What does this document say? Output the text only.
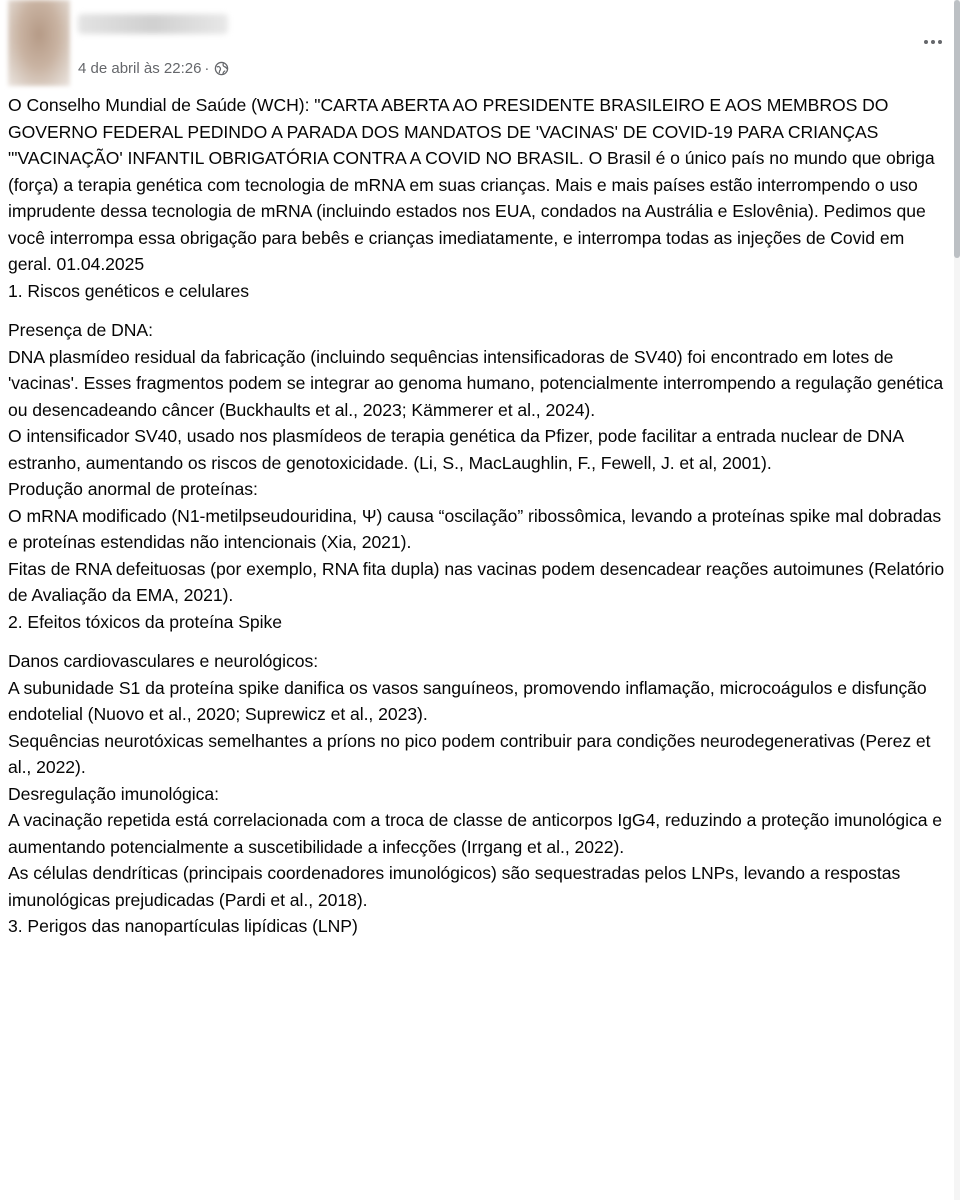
4 de abril às 22:26 ·

O Conselho Mundial de Saúde (WCH): "CARTA ABERTA AO PRESIDENTE BRASILEIRO E AOS MEMBROS DO GOVERNO FEDERAL PEDINDO A PARADA DOS MANDATOS DE 'VACINAS' DE COVID-19 PARA CRIANÇAS "'VACINAÇÃO' INFANTIL OBRIGATÓRIA CONTRA A COVID NO BRASIL. O Brasil é o único país no mundo que obriga (força) a terapia genética com tecnologia de mRNA em suas crianças. Mais e mais países estão interrompendo o uso imprudente dessa tecnologia de mRNA (incluindo estados nos EUA, condados na Austrália e Eslovênia). Pedimos que você interrompa essa obrigação para bebês e crianças imediatamente, e interrompa todas as injeções de Covid em geral. 01.04.2025

1. Riscos genéticos e celulares

Presença de DNA:

DNA plasmídeo residual da fabricação (incluindo sequências intensificadoras de SV40) foi encontrado em lotes de 'vacinas'. Esses fragmentos podem se integrar ao genoma humano, potencialmente interrompendo a regulação genética ou desencadeando câncer (Buckhaults et al., 2023; Kämmerer et al., 2024).

O intensificador SV40, usado nos plasmídeos de terapia genética da Pfizer, pode facilitar a entrada nuclear de DNA estranho, aumentando os riscos de genotoxicidade. (Li, S., MacLaughlin, F., Fewell, J. et al, 2001).

Produção anormal de proteínas:

O mRNA modificado (N1-metilpseudouridina, Ψ) causa “oscilação” ribossômica, levando a proteínas spike mal dobradas e proteínas estendidas não intencionais (Xia, 2021).

Fitas de RNA defeituosas (por exemplo, RNA fita dupla) nas vacinas podem desencadear reações autoimunes (Relatório de Avaliação da EMA, 2021).

2. Efeitos tóxicos da proteína Spike

Danos cardiovasculares e neurológicos:

A subunidade S1 da proteína spike danifica os vasos sanguíneos, promovendo inflamação, microcoágulos e disfunção endotelial (Nuovo et al., 2020; Suprewicz et al., 2023).

Sequências neurotóxicas semelhantes a príons no pico podem contribuir para condições neurodegenerativas (Perez et al., 2022).

Desregulação imunológica:

A vacinação repetida está correlacionada com a troca de classe de anticorpos IgG4, reduzindo a proteção imunológica e aumentando potencialmente a suscetibilidade a infecções (Irrgang et al., 2022).

As células dendríticas (principais coordenadores imunológicos) são sequestradas pelos LNPs, levando a respostas imunológicas prejudicadas (Pardi et al., 2018).

3. Perigos das nanopartículas lipídicas (LNP)
